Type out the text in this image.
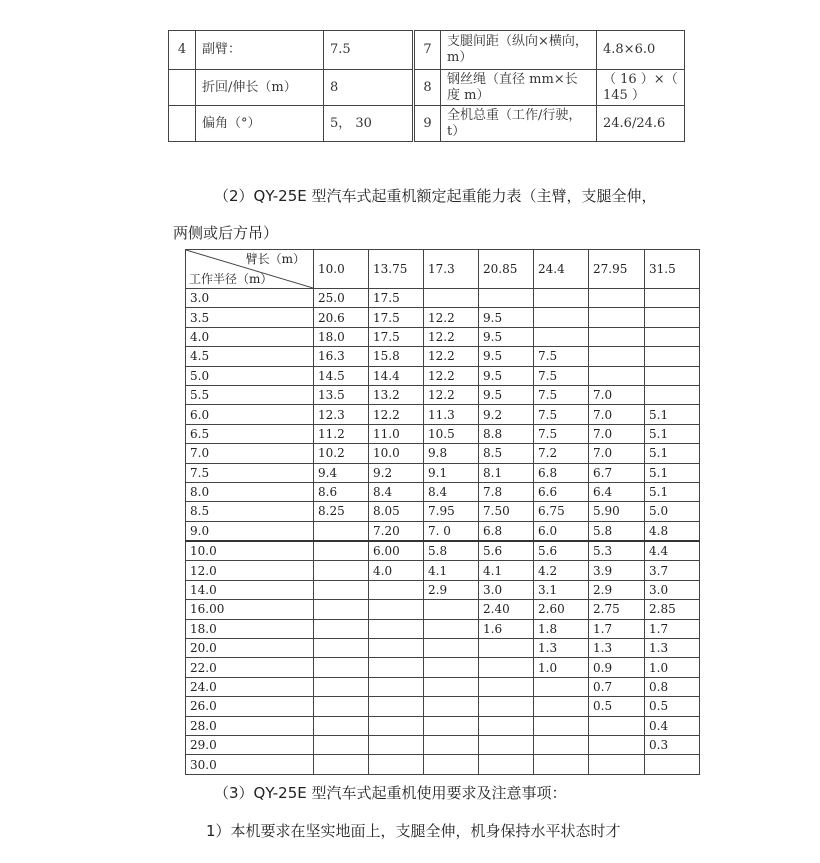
4	副臂：	7.5	7	支腿间距（纵向×横向，m）	4.8×6.0
	折回/伸长（m）	8	8	钢丝绳（直径 mm×长度 m）	（ 16 ）×（ 145 ）
	偏角（°）	5， 30	9	全机总重（工作/行驶，t）	24.6/24.6
（2）QY-25E 型汽车式起重机额定起重能力表（主臂，支腿全伸，
两侧或后方吊）
臂长（m）
工作半径（m）	10.0	13.75	17.3	20.85	24.4	27.95	31.5
3.0	25.0	17.5					
3.5	20.6	17.5	12.2	9.5			
4.0	18.0	17.5	12.2	9.5			
4.5	16.3	15.8	12.2	9.5	7.5		
5.0	14.5	14.4	12.2	9.5	7.5		
5.5	13.5	13.2	12.2	9.5	7.5	7.0	
6.0	12.3	12.2	11.3	9.2	7.5	7.0	5.1
6.5	11.2	11.0	10.5	8.8	7.5	7.0	5.1
7.0	10.2	10.0	9.8	8.5	7.2	7.0	5.1
7.5	9.4	9.2	9.1	8.1	6.8	6.7	5.1
8.0	8.6	8.4	8.4	7.8	6.6	6.4	5.1
8.5	8.25	8.05	7.95	7.50	6.75	5.90	5.0
9.0		7.20	7. 0	6.8	6.0	5.8	4.8
10.0		6.00	5.8	5.6	5.6	5.3	4.4
12.0		4.0	4.1	4.1	4.2	3.9	3.7
14.0			2.9	3.0	3.1	2.9	3.0
16.00				2.40	2.60	2.75	2.85
18.0				1.6	1.8	1.7	1.7
20.0					1.3	1.3	1.3
22.0					1.0	0.9	1.0
24.0						0.7	0.8
26.0						0.5	0.5
28.0							0.4
29.0							0.3
30.0							
（3）QY-25E 型汽车式起重机使用要求及注意事项：
1）本机要求在坚实地面上，支腿全伸，机身保持水平状态时才
